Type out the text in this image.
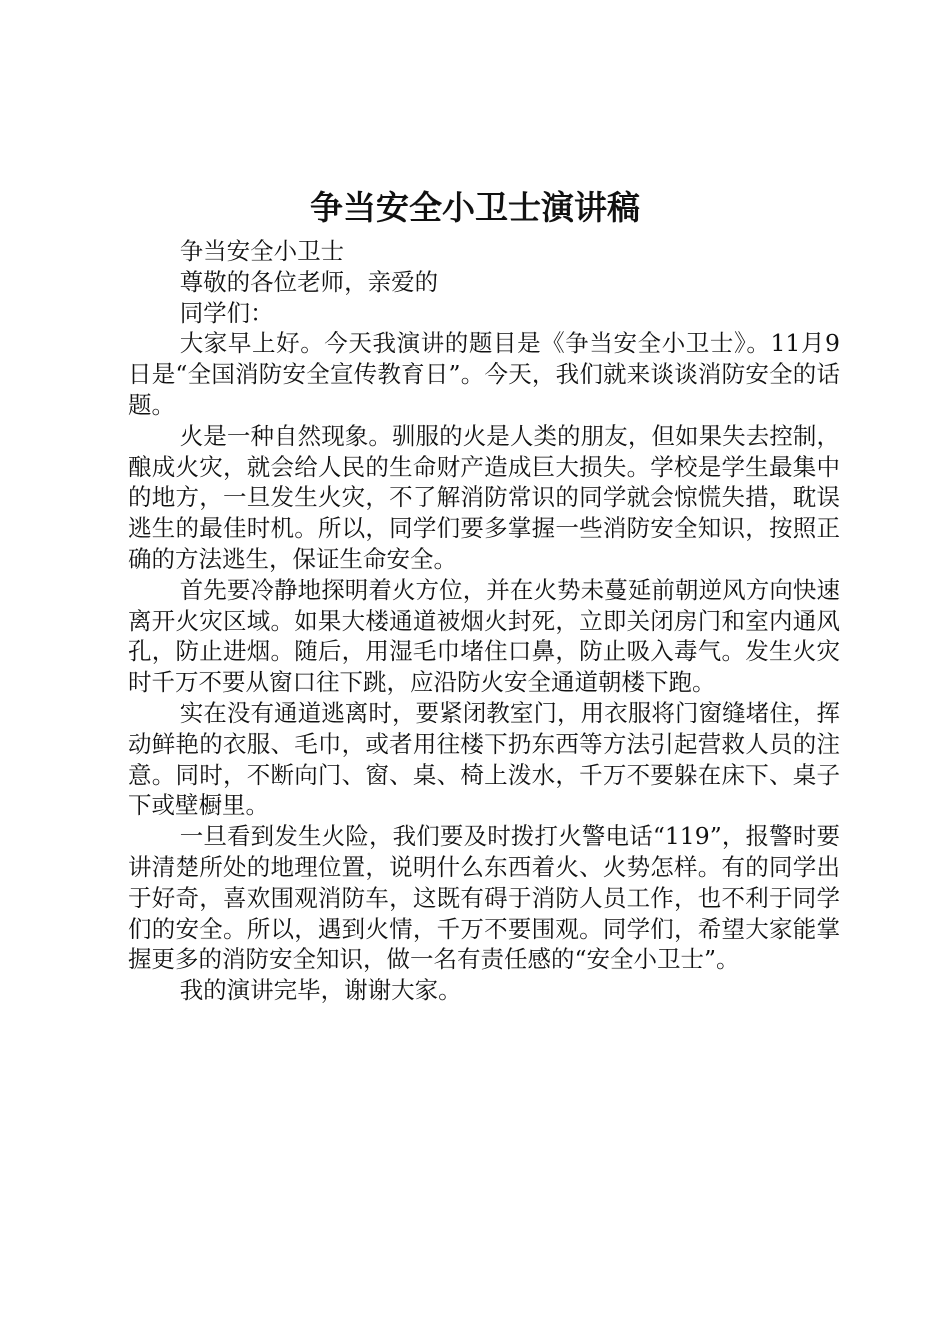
争当安全小卫士演讲稿

争当安全小卫士

尊敬的各位老师，亲爱的

同学们：

大家早上好。今天我演讲的题目是《争当安全小卫士》。11月9日是“全国消防安全宣传教育日”。今天，我们就来谈谈消防安全的话题。

火是一种自然现象。驯服的火是人类的朋友，但如果失去控制，酿成火灾，就会给人民的生命财产造成巨大损失。学校是学生最集中的地方，一旦发生火灾，不了解消防常识的同学就会惊慌失措，耽误逃生的最佳时机。所以，同学们要多掌握一些消防安全知识，按照正确的方法逃生，保证生命安全。

首先要冷静地探明着火方位，并在火势未蔓延前朝逆风方向快速离开火灾区域。如果大楼通道被烟火封死，立即关闭房门和室内通风孔，防止进烟。随后，用湿毛巾堵住口鼻，防止吸入毒气。发生火灾时千万不要从窗口往下跳，应沿防火安全通道朝楼下跑。

实在没有通道逃离时，要紧闭教室门，用衣服将门窗缝堵住，挥动鲜艳的衣服、毛巾，或者用往楼下扔东西等方法引起营救人员的注意。同时，不断向门、窗、桌、椅上泼水，千万不要躲在床下、桌子下或壁橱里。

一旦看到发生火险，我们要及时拨打火警电话“119”，报警时要讲清楚所处的地理位置，说明什么东西着火、火势怎样。有的同学出于好奇，喜欢围观消防车，这既有碍于消防人员工作，也不利于同学们的安全。所以，遇到火情，千万不要围观。同学们，希望大家能掌握更多的消防安全知识，做一名有责任感的“安全小卫士”。

我的演讲完毕，谢谢大家。
